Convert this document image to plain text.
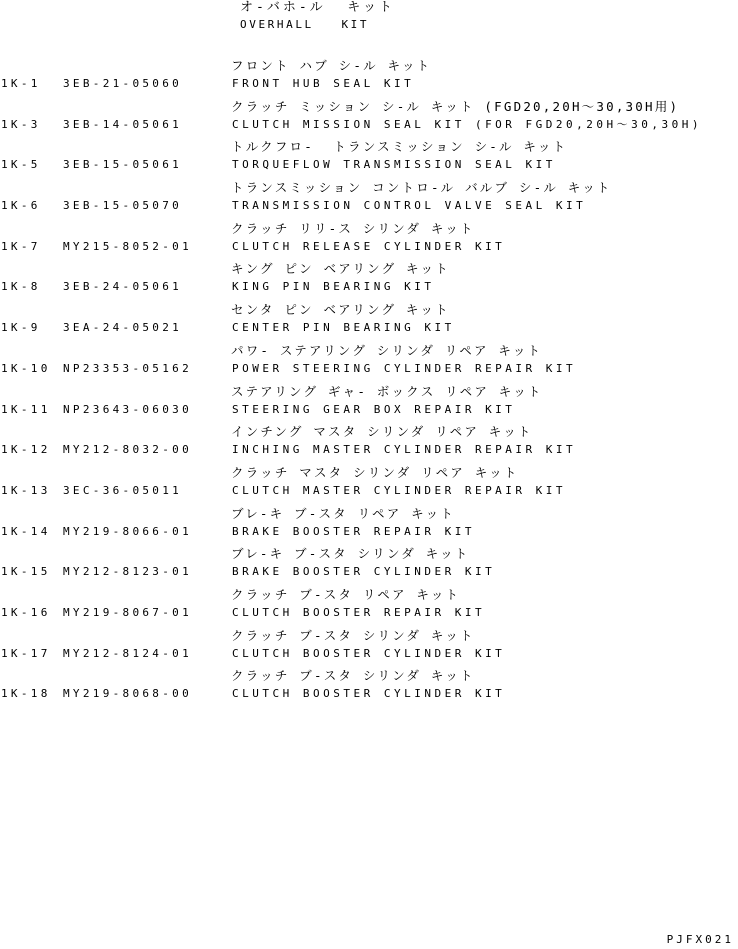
オ-バホ-ル  キット
OVERHALL   KIT
フロント ハブ シ-ル キット
1K-1 3EB-21-05060	FRONT HUB SEAL KIT
クラッチ ミッション シ-ル キット (FGD20,20H～30,30H用)
1K-3 3EB-14-05061	CLUTCH MISSION SEAL KIT (FOR FGD20,20H～30,30H)
トルクフロ-  トランスミッション シ-ル キット
1K-5 3EB-15-05061	TORQUEFLOW TRANSMISSION SEAL KIT
トランスミッション コントロ-ル バルブ シ-ル キット
1K-6 3EB-15-05070	TRANSMISSION CONTROL VALVE SEAL KIT
クラッチ リリ-ス シリンダ キット
1K-7 MY215-8052-01	CLUTCH RELEASE CYLINDER KIT
キング ピン ベアリング キット
1K-8 3EB-24-05061	KING PIN BEARING KIT
センタ ピン ベアリング キット
1K-9 3EA-24-05021	CENTER PIN BEARING KIT
パワ- ステアリング シリンダ リペア キット
1K-10 NP23353-05162	POWER STEERING CYLINDER REPAIR KIT
ステアリング ギャ- ボックス リペア キット
1K-11 NP23643-06030	STEERING GEAR BOX REPAIR KIT
インチング マスタ シリンダ リペア キット
1K-12 MY212-8032-00	INCHING MASTER CYLINDER REPAIR KIT
クラッチ マスタ シリンダ リペア キット
1K-13 3EC-36-05011	CLUTCH MASTER CYLINDER REPAIR KIT
ブレ-キ ブ-スタ リペア キット
1K-14 MY219-8066-01	BRAKE BOOSTER REPAIR KIT
ブレ-キ ブ-スタ シリンダ キット
1K-15 MY212-8123-01	BRAKE BOOSTER CYLINDER KIT
クラッチ ブ-スタ リペア キット
1K-16 MY219-8067-01	CLUTCH BOOSTER REPAIR KIT
クラッチ ブ-スタ シリンダ キット
1K-17 MY212-8124-01	CLUTCH BOOSTER CYLINDER KIT
クラッチ ブ-スタ シリンダ キット
1K-18 MY219-8068-00	CLUTCH BOOSTER CYLINDER KIT
PJFX021
